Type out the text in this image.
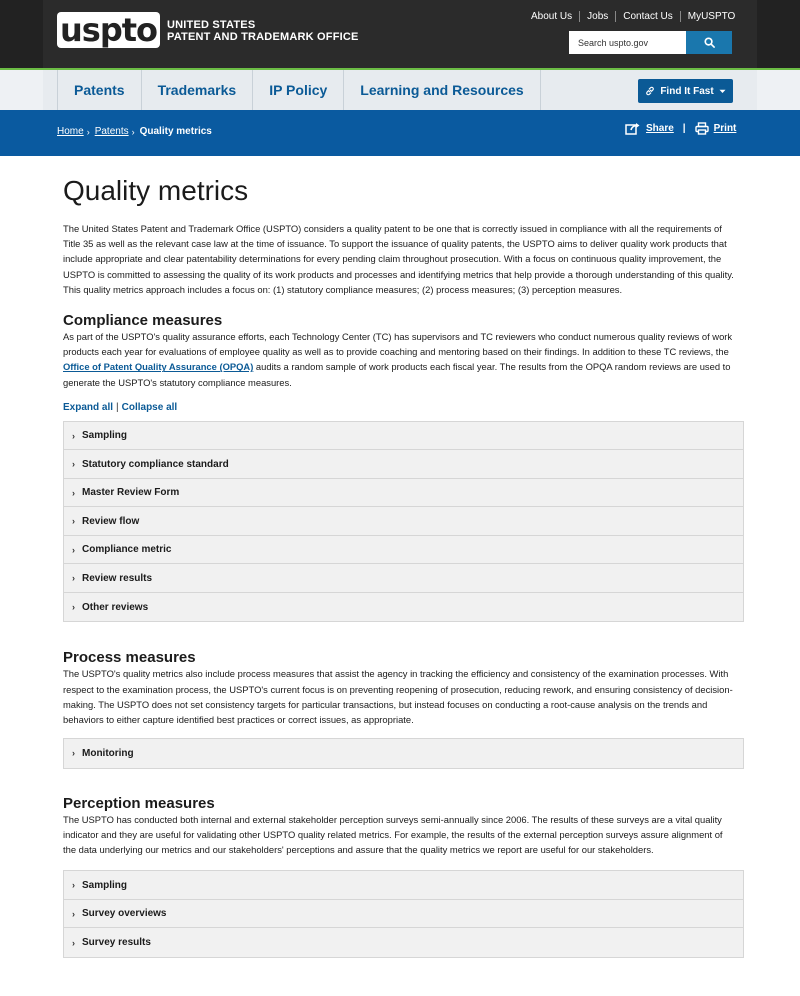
uspto UNITED STATES
PATENT AND TRADEMARK OFFICE
About Us Jobs Contact Us MyUSPTO
Search uspto.gov
Patents	Trademarks	IP Policy	Learning and Resources	Find It Fast
Home › Patents › Quality metrics	Share |	Print
Quality metrics

The United States Patent and Trademark Office (USPTO) considers a quality patent to be one that is correctly issued in compliance with all the requirements of Title 35 as well as the relevant case law at the time of issuance. To support the issuance of quality patents, the USPTO aims to deliver quality work products that include appropriate and clear patentability determinations for every pending claim throughout prosecution. With a focus on continuous quality improvement, the USPTO is committed to assessing the quality of its work products and processes and identifying metrics that help provide a thorough understanding of this quality. This quality metrics approach includes a focus on: (1) statutory compliance measures; (2) process measures; (3) perception measures.

Compliance measures

As part of the USPTO's quality assurance efforts, each Technology Center (TC) has supervisors and TC reviewers who conduct numerous quality reviews of work products each year for evaluations of employee quality as well as to provide coaching and mentoring based on their findings. In addition to these TC reviews, the Office of Patent Quality Assurance (OPQA) audits a random sample of work products each fiscal year. The results from the OPQA random reviews are used to generate the USPTO's statutory compliance measures.

Expand all | Collapse all
› Sampling
› Statutory compliance standard
› Master Review Form
› Review flow
› Compliance metric
› Review results
› Other reviews
Process measures

The USPTO's quality metrics also include process measures that assist the agency in tracking the efficiency and consistency of the examination processes. With respect to the examination process, the USPTO's current focus is on preventing reopening of prosecution, reducing rework, and ensuring consistency of decision-making. The USPTO does not set consistency targets for particular transactions, but instead focuses on conducting a root-cause analysis on the trends and behaviors to either capture identified best practices or correct issues, as appropriate.

› Monitoring
Perception measures

The USPTO has conducted both internal and external stakeholder perception surveys semi-annually since 2006. The results of these surveys are a vital quality indicator and they are useful for validating other USPTO quality related metrics. For example, the results of the external perception surveys assure alignment of the data underlying our metrics and our stakeholders' perceptions and assure that the quality metrics we report are useful for our stakeholders.

› Sampling
› Survey overviews
› Survey results
